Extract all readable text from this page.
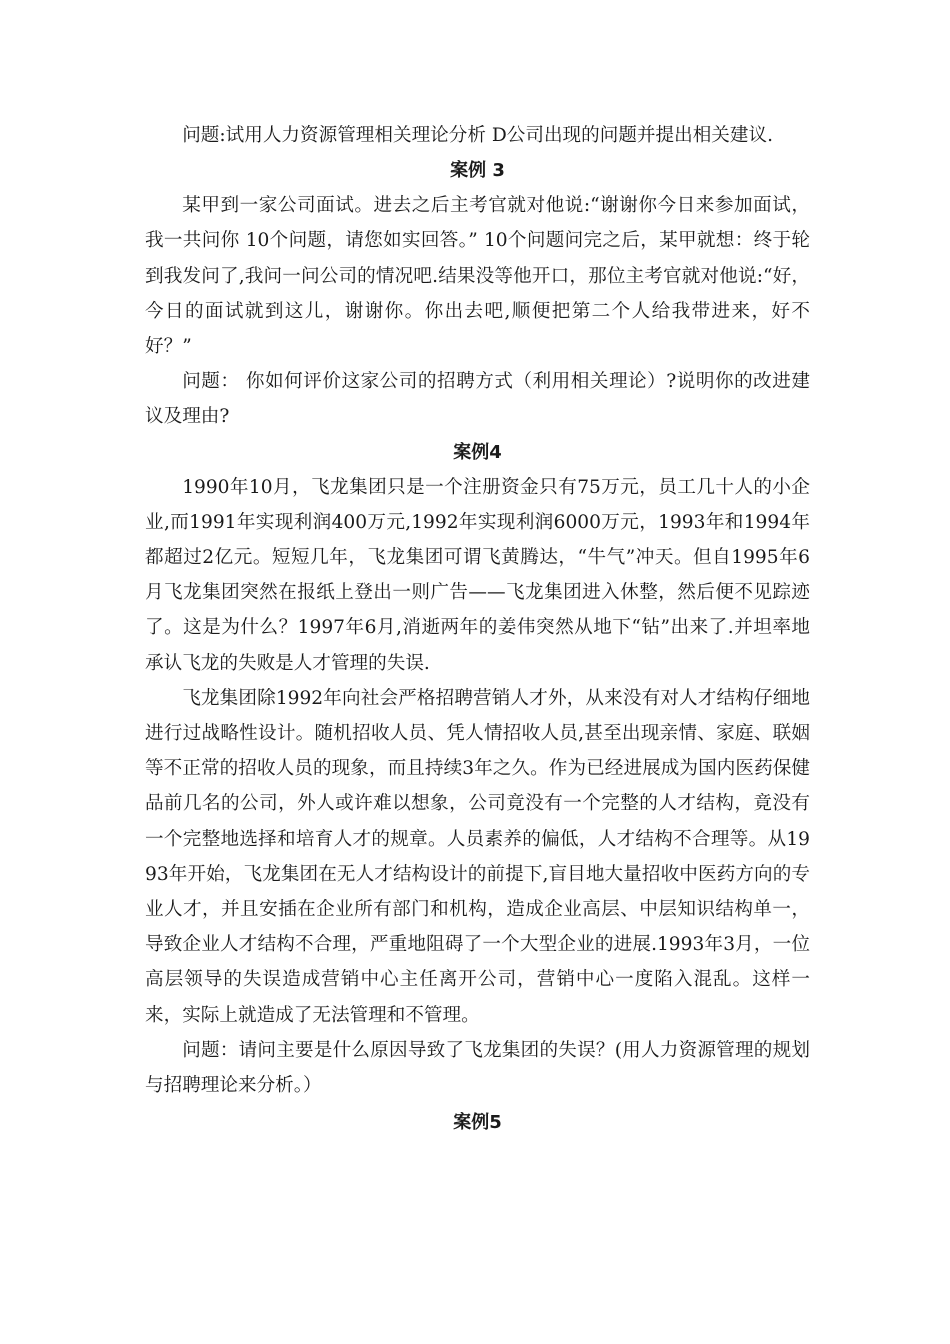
问题:试用人力资源管理相关理论分析 D公司出现的问题并提出相关建议.

案例 3

某甲到一家公司面试。进去之后主考官就对他说:“谢谢你今日来参加面试，我一共问你 10个问题，请您如实回答。” 10个问题问完之后，某甲就想：终于轮到我发问了,我问一问公司的情况吧.结果没等他开口，那位主考官就对他说:“好，今日的面试就到这儿，谢谢你。你出去吧,顺便把第二个人给我带进来，好不好？”

问题： 你如何评价这家公司的招聘方式（利用相关理论）?说明你的改进建议及理由?

案例4

1990年10月，飞龙集团只是一个注册资金只有75万元，员工几十人的小企业,而1991年实现利润400万元,1992年实现利润6000万元，1993年和1994年都超过2亿元。短短几年，飞龙集团可谓飞黄腾达，“牛气”冲天。但自1995年6月飞龙集团突然在报纸上登出一则广告——飞龙集团进入休整，然后便不见踪迹了。这是为什么？1997年6月,消逝两年的姜伟突然从地下“钻”出来了.并坦率地承认飞龙的失败是人才管理的失误.

飞龙集团除1992年向社会严格招聘营销人才外，从来没有对人才结构仔细地进行过战略性设计。随机招收人员、凭人情招收人员,甚至出现亲情、家庭、联姻等不正常的招收人员的现象，而且持续3年之久。作为已经进展成为国内医药保健品前几名的公司，外人或许难以想象，公司竟没有一个完整的人才结构，竟没有一个完整地选择和培育人才的规章。人员素养的偏低，人才结构不合理等。从1993年开始，飞龙集团在无人才结构设计的前提下,盲目地大量招收中医药方向的专业人才，并且安插在企业所有部门和机构，造成企业高层、中层知识结构单一，导致企业人才结构不合理，严重地阻碍了一个大型企业的进展.1993年3月，一位高层领导的失误造成营销中心主任离开公司，营销中心一度陷入混乱。这样一来，实际上就造成了无法管理和不管理。

问题：请问主要是什么原因导致了飞龙集团的失误？(用人力资源管理的规划与招聘理论来分析。）

案例5
